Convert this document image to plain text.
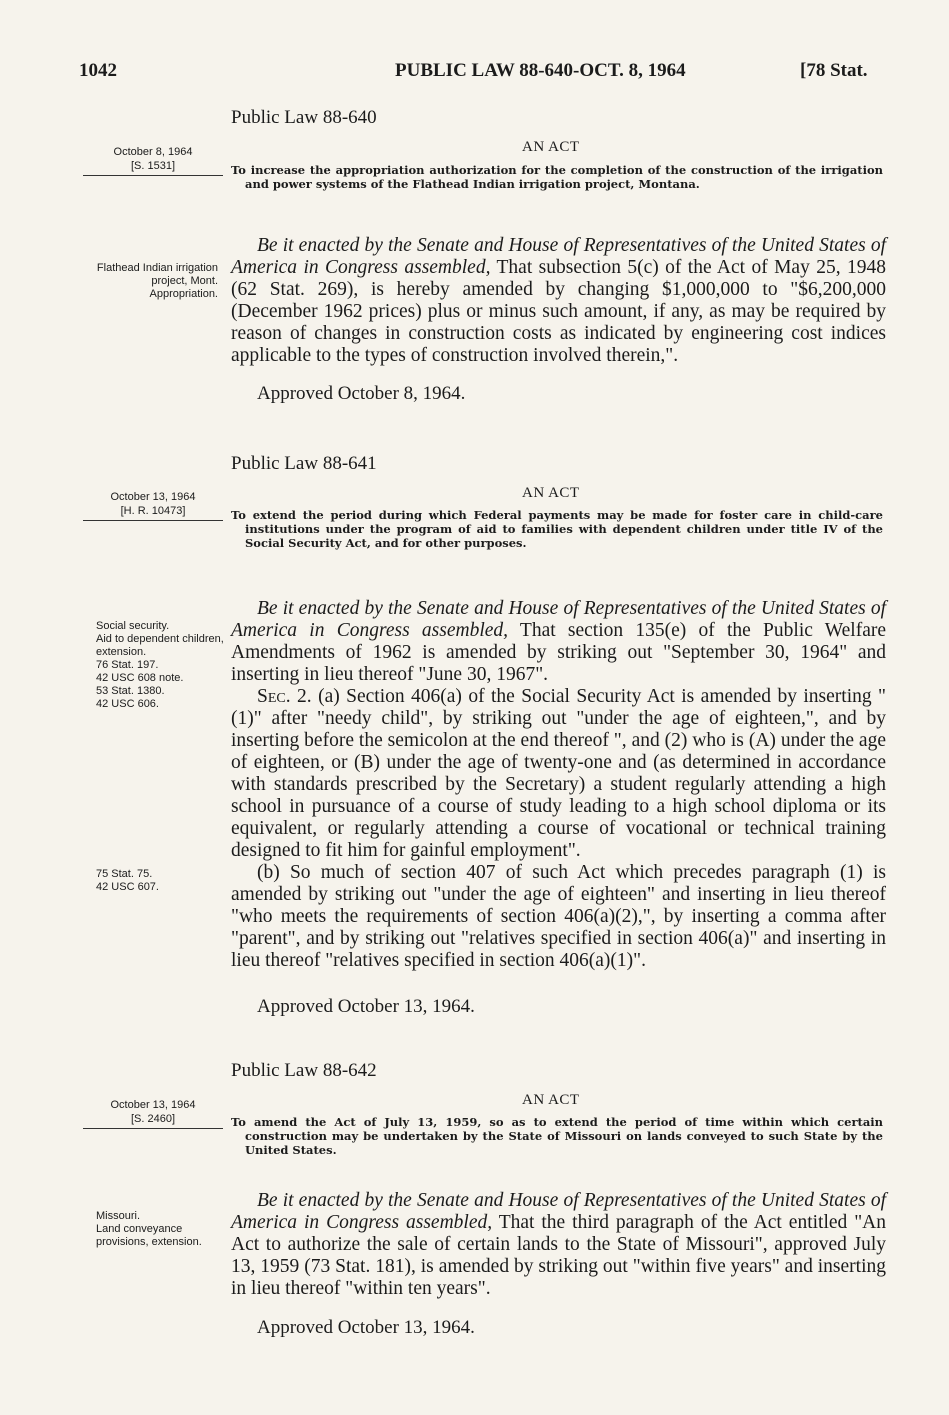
1042	PUBLIC LAW 88-640-OCT. 8, 1964	[78 Stat.
Public Law 88-640
October 8, 1964
[S. 1531]
AN ACT
To increase the appropriation authorization for the completion of the construction of the irrigation and power systems of the Flathead Indian irrigation project, Montana.
Flathead Indian irrigation project, Mont.
Appropriation.

Be it enacted by the Senate and House of Representatives of the United States of America in Congress assembled, That subsection 5(c) of the Act of May 25, 1948 (62 Stat. 269), is hereby amended by changing $1,000,000 to "$6,200,000 (December 1962 prices) plus or minus such amount, if any, as may be required by reason of changes in construction costs as indicated by engineering cost indices applicable to the types of construction involved therein,".

Approved October 8, 1964.
Public Law 88-641
October 13, 1964
[H. R. 10473]
AN ACT
To extend the period during which Federal payments may be made for foster care in child-care institutions under the program of aid to families with dependent children under title IV of the Social Security Act, and for other purposes.
Social security.
Aid to dependent children, extension.
76 Stat. 197.
42 USC 608 note.
53 Stat. 1380.
42 USC 606.
75 Stat. 75.
42 USC 607.

Be it enacted by the Senate and House of Representatives of the United States of America in Congress assembled, That section 135(e) of the Public Welfare Amendments of 1962 is amended by striking out "September 30, 1964" and inserting in lieu thereof "June 30, 1967".

Sec. 2. (a) Section 406(a) of the Social Security Act is amended by inserting "(1)" after "needy child", by striking out "under the age of eighteen,", and by inserting before the semicolon at the end thereof ", and (2) who is (A) under the age of eighteen, or (B) under the age of twenty-one and (as determined in accordance with standards prescribed by the Secretary) a student regularly attending a high school in pursuance of a course of study leading to a high school diploma or its equivalent, or regularly attending a course of vocational or technical training designed to fit him for gainful employment".

(b) So much of section 407 of such Act which precedes paragraph (1) is amended by striking out "under the age of eighteen" and inserting in lieu thereof "who meets the requirements of section 406(a)(2),", by inserting a comma after "parent", and by striking out "relatives specified in section 406(a)" and inserting in lieu thereof "relatives specified in section 406(a)(1)".

Approved October 13, 1964.
Public Law 88-642
October 13, 1964
[S. 2460]
AN ACT
To amend the Act of July 13, 1959, so as to extend the period of time within which certain construction may be undertaken by the State of Missouri on lands conveyed to such State by the United States.
Missouri.
Land conveyance provisions, extension.

Be it enacted by the Senate and House of Representatives of the United States of America in Congress assembled, That the third paragraph of the Act entitled "An Act to authorize the sale of certain lands to the State of Missouri", approved July 13, 1959 (73 Stat. 181), is amended by striking out "within five years" and inserting in lieu thereof "within ten years".

Approved October 13, 1964.
